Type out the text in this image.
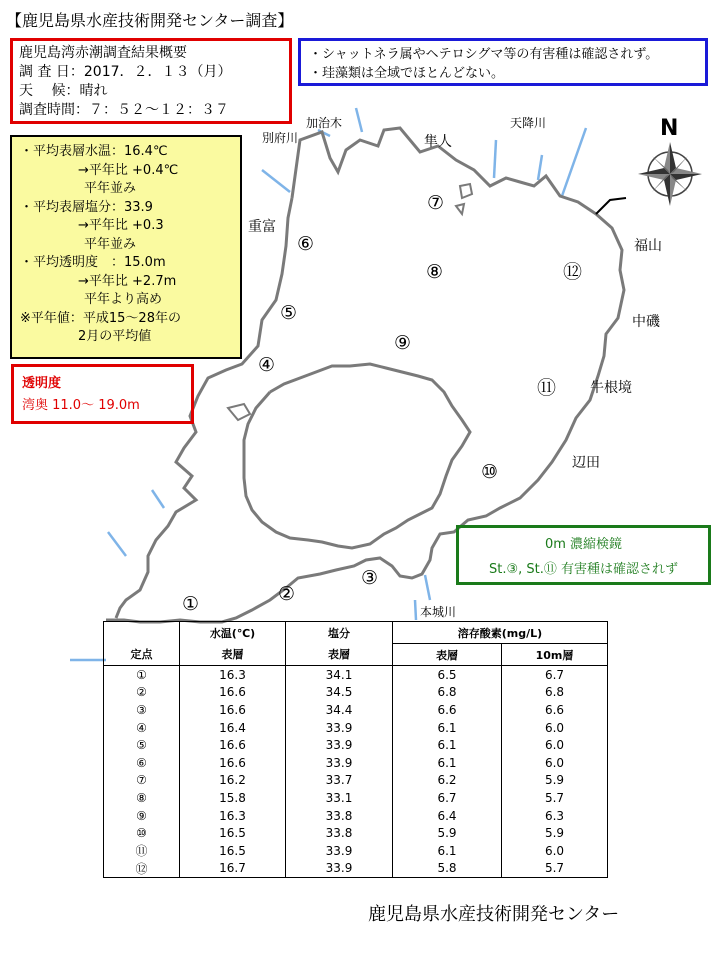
【鹿児島県水産技術開発センター調査】
鹿児島湾赤潮調査結果概要
調 査 日：2017．２．１３（月）
天　 候：晴れ
調査時間：７：５２〜１２：３７
・シャットネラ属やヘテロシグマ等の有害種は確認されず。
・珪藻類は全域でほとんどない。
・平均表層水温：16.4℃
→平年比 +0.4℃
平年並み
・平均表層塩分：33.9
→平年比 +0.3
平年並み
・平均透明度　：15.0m
→平年比 +2.7m
平年より高め
※平年値：平成15〜28年の
2月の平均値
透明度
湾奥 11.0〜 19.0m
0m 濃縮検鏡
St.③, St.⑪ 有害種は確認されず
加治木
別府川	隼人
天降川
重富
福山
中磯
牛根境
辺田
本城川
N
①	②
③
④
⑤
⑥
⑦
⑧
⑨
⑩
⑪
⑫
	水温(℃)	塩分	溶存酸素(mg/L)	
定点	表層	表層	表層	10m層
①	16.3	34.1	6.5	6.7
②	16.6	34.5	6.8	6.8
③	16.6	34.4	6.6	6.6
④	16.4	33.9	6.1	6.0
⑤	16.6	33.9	6.1	6.0
⑥	16.6	33.9	6.1	6.0
⑦	16.2	33.7	6.2	5.9
⑧	15.8	33.1	6.7	5.7
⑨	16.3	33.8	6.4	6.3
⑩	16.5	33.8	5.9	5.9
⑪	16.5	33.9	6.1	6.0
⑫	16.7	33.9	5.8	5.7
鹿児島県水産技術開発センター
